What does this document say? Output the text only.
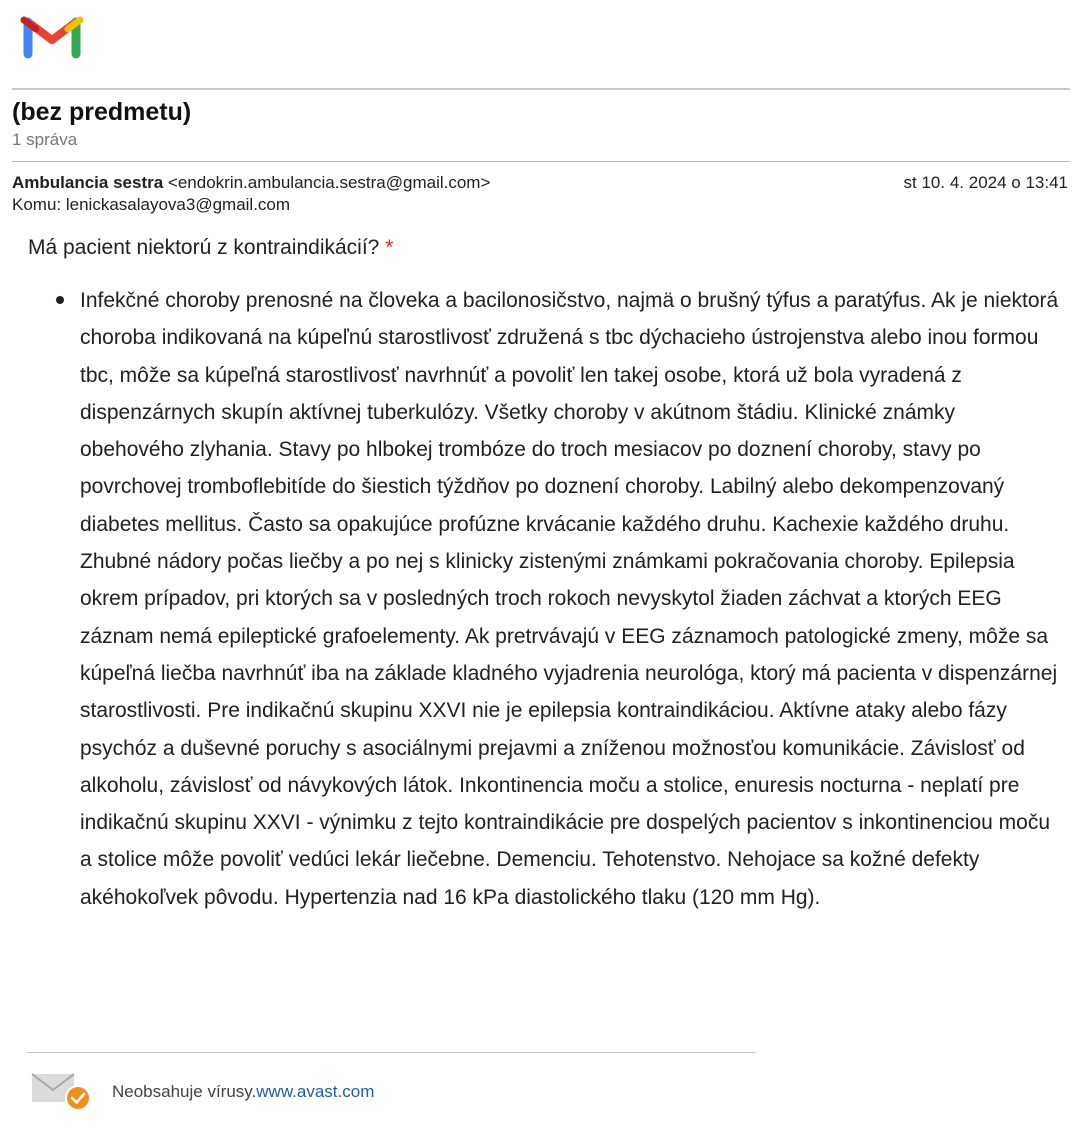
(bez predmetu)
1 správa
Ambulancia sestra <endokrin.ambulancia.sestra@gmail.com>	st 10. 4. 2024 o 13:41
Komu: lenickasalayova3@gmail.com
Má pacient niektorú z kontraindikácií? *
Infekčné choroby prenosné na človeka a bacilonosičstvo, najmä o brušný týfus a paratýfus. Ak je niektorá choroba indikovaná na kúpeľnú starostlivosť združená s tbc dýchacieho ústrojenstva alebo inou formou tbc, môže sa kúpeľná starostlivosť navrhnúť a povoliť len takej osobe, ktorá už bola vyradená z dispenzárnych skupín aktívnej tuberkulózy. Všetky choroby v akútnom štádiu. Klinické známky obehového zlyhania. Stavy po hlbokej trombóze do troch mesiacov po doznení choroby, stavy po povrchovej tromboflebitíde do šiestich týždňov po doznení choroby. Labilný alebo dekompenzovaný diabetes mellitus. Často sa opakujúce profúzne krvácanie každého druhu. Kachexie každého druhu. Zhubné nádory počas liečby a po nej s klinicky zistenými známkami pokračovania choroby. Epilepsia okrem prípadov, pri ktorých sa v posledných troch rokoch nevyskytol žiaden záchvat a ktorých EEG záznam nemá epileptické grafoelementy. Ak pretrvávajú v EEG záznamoch patologické zmeny, môže sa kúpeľná liečba navrhnúť iba na základe kladného vyjadrenia neurológa, ktorý má pacienta v dispenzárnej starostlivosti. Pre indikačnú skupinu XXVI nie je epilepsia kontraindikáciou. Aktívne ataky alebo fázy psychóz a duševné poruchy s asociálnymi prejavmi a zníženou možnosťou komunikácie. Závislosť od alkoholu, závislosť od návykových látok. Inkontinencia moču a stolice, enuresis nocturna - neplatí pre indikačnú skupinu XXVI - výnimku z tejto kontraindikácie pre dospelých pacientov s inkontinenciou moču a stolice môže povoliť vedúci lekár liečebne. Demenciu. Tehotenstvo. Nehojace sa kožné defekty akéhokoľvek pôvodu. Hypertenzia nad 16 kPa diastolického tlaku (120 mm Hg).
Neobsahuje vírusy.www.avast.com
